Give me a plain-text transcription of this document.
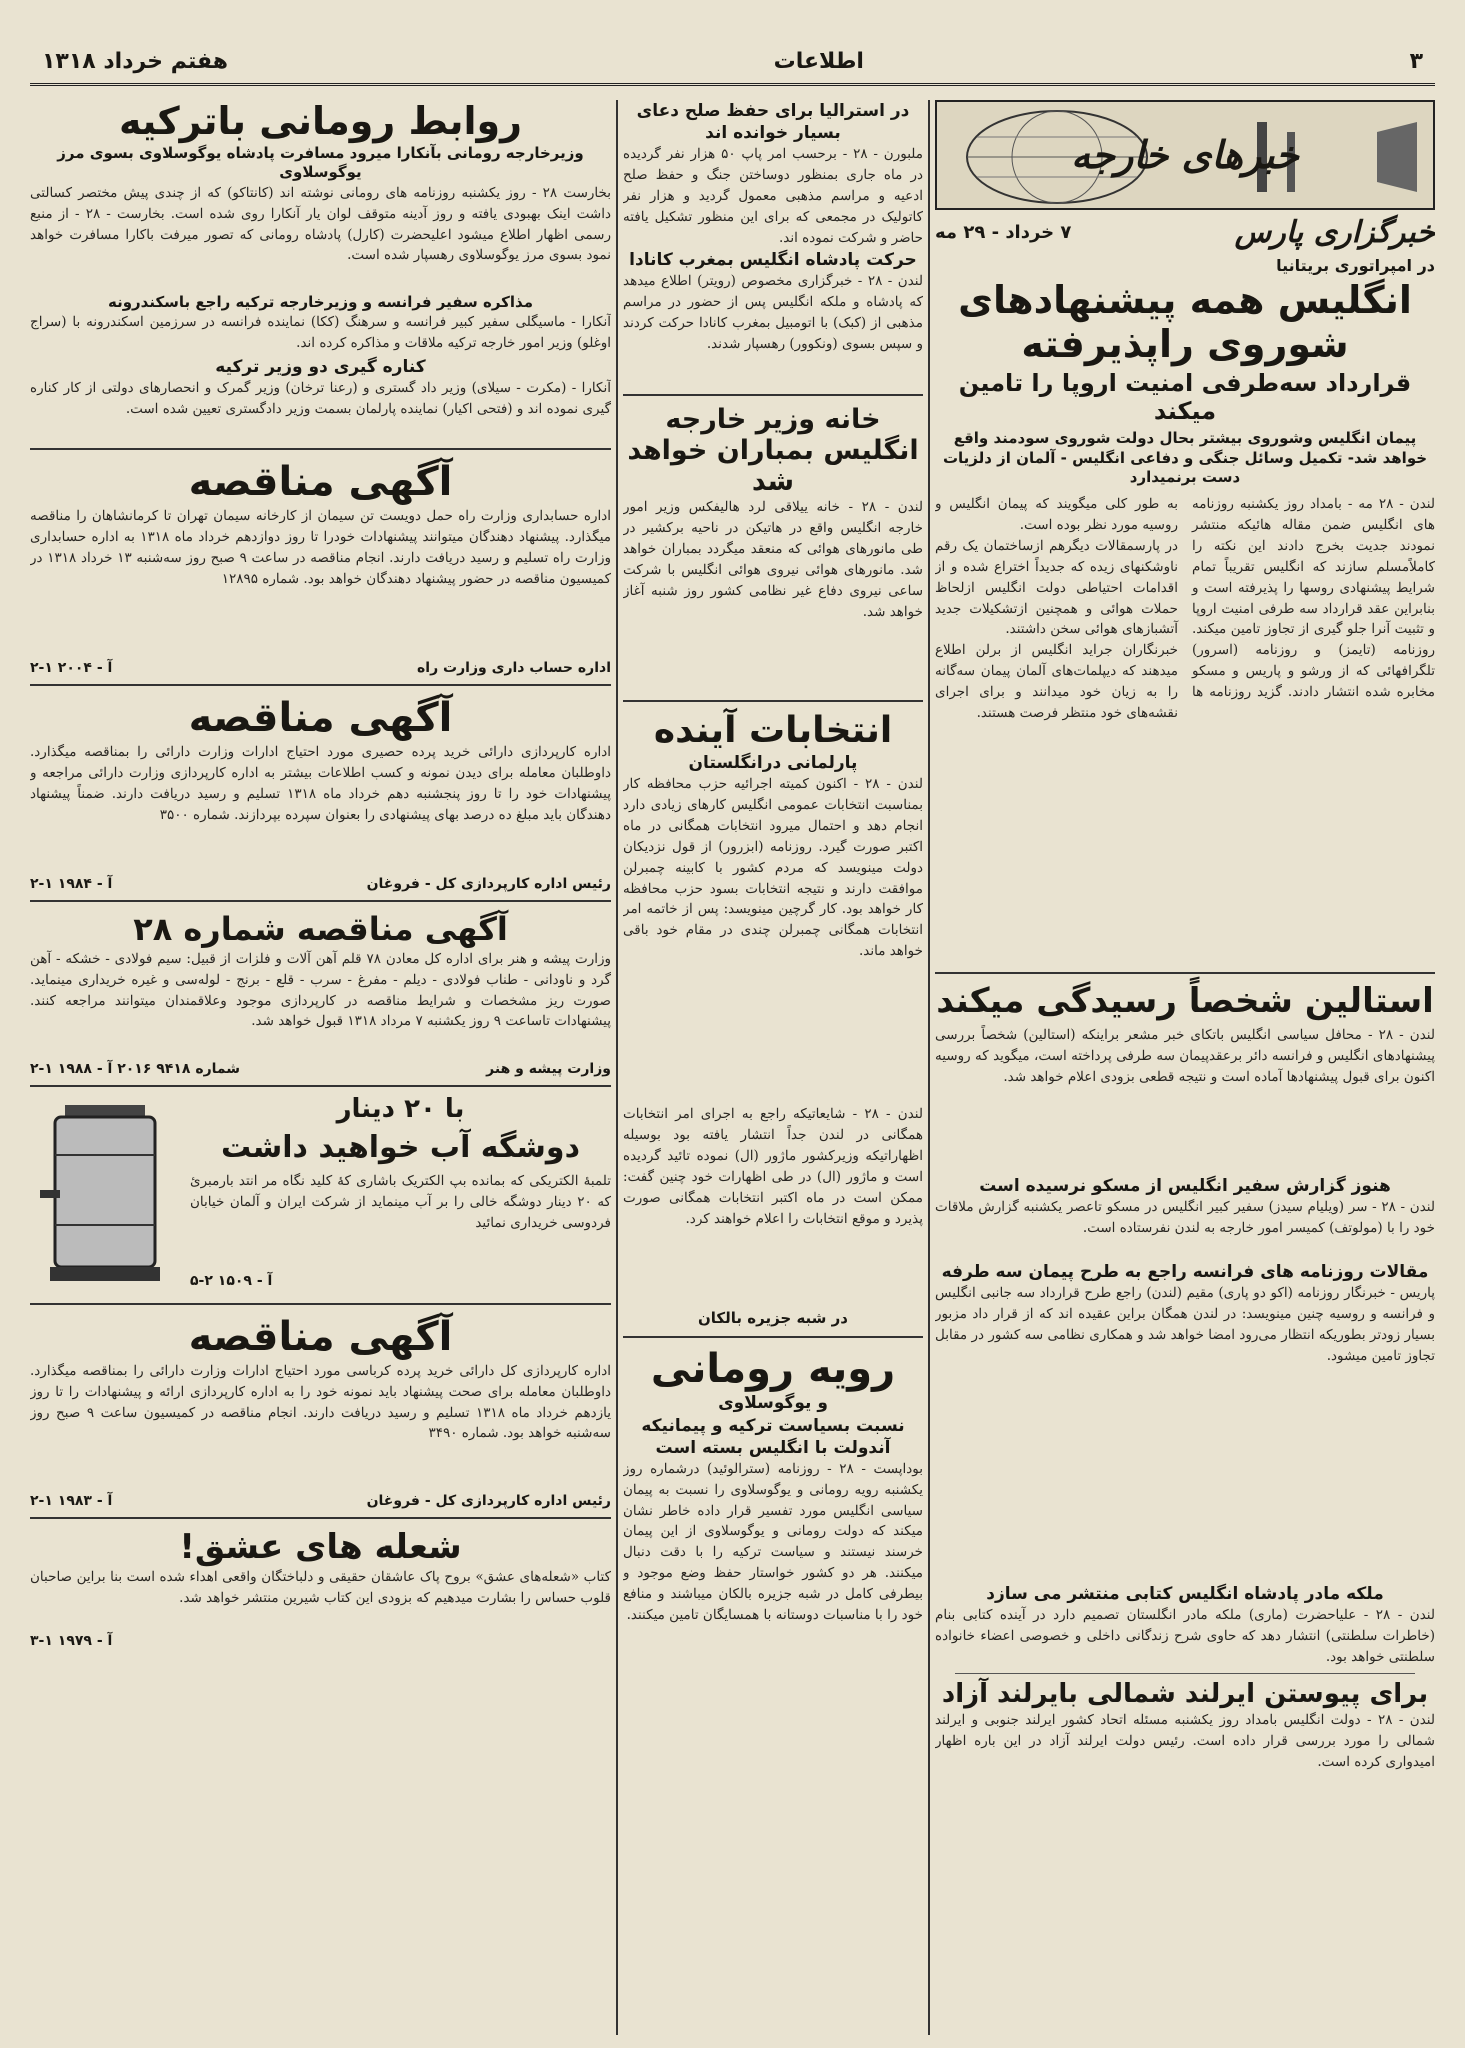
۳
اطلاعات
هفتم خرداد ۱۳۱۸
خبرهای خارجه
خبرگزاری پارس
۷ خرداد - ۲۹ مه
در امپراتوری بریتانیا
انگلیس همه پیشنهادهای شوروی راپذیرفته
قرارداد سه‌طرفی امنیت اروپا را تامین میکند
پیمان انگلیس وشوروی بیشتر بحال دولت شوروی سودمند واقع خواهد شد- تکمیل وسائل جنگی و دفاعی انگلیس - آلمان از دلزیات دست برنمیدارد

لندن - ۲۸ مه - بامداد روز یکشنبه روزنامه های انگلیس ضمن مقاله هائیکه منتشر نمودند جدیت بخرج دادند این نکته را کاملاًمسلم سازند که انگلیس تقریباً تمام شرایط پیشنهادی روسها را پذیرفته است و بنابراین عقد قرارداد سه طرفی امنیت اروپا و تثبیت آنرا جلو گیری از تجاوز تامین میکند. روزنامه (تایمز) و روزنامه (اسرور) تلگرافهائی که از ورشو و پاریس و مسکو مخابره شده انتشار دادند. گزید روزنامه ها به طور کلی میگویند که پیمان انگلیس و روسیه مورد نظر بوده است.

در پارسمقالات دیگرهم ازساختمان یک رقم ناوشکنهای زیده که جدیداً اختراع شده و از اقدامات احتیاطی دولت انگلیس ازلحاظ حملات هوائی و همچنین ازتشکیلات جدید آتشبازهای هوائی سخن داشتند.

خبرنگاران جراید انگلیس از برلن اطلاع میدهند که دیپلمات‌های آلمان پیمان سه‌گانه را به زیان خود میدانند و برای اجرای نقشه‌های خود منتظر فرصت هستند.

استالین شخصاً رسیدگی میکند
لندن - ۲۸ - محافل سیاسی انگلیس باتکای خبر مشعر براینکه (استالین) شخصاً بررسی پیشنهادهای انگلیس و فرانسه دائر برعقدپیمان سه طرفی پرداخته است، میگوید که روسیه اکنون برای قبول پیشنهادها آماده است و نتیجه قطعی بزودی اعلام خواهد شد.
هنوز گزارش سفیر انگلیس از مسکو نرسیده است
لندن - ۲۸ - سر (ویلیام سیدز) سفیر کبیر انگلیس در مسکو تاعصر یکشنبه گزارش ملاقات خود را با (مولوتف) کمیسر امور خارجه به لندن نفرستاده است.
مقالات روزنامه های فرانسه راجع به طرح پیمان سه طرفه
پاریس - خبرنگار روزنامه (اکو دو پاری) مقیم (لندن) راجع طرح قرارداد سه جانبی انگلیس و فرانسه و روسیه چنین مینویسد: در لندن همگان براین عقیده اند که از قرار داد مزبور بسیار زودتر بطوریکه انتظار می‌رود امضا خواهد شد و همکاری نظامی سه کشور در مقابل تجاوز تامین میشود.
ملکه مادر پادشاه انگلیس کتابی منتشر می سازد
لندن - ۲۸ - علیاحضرت (ماری) ملکه مادر انگلستان تصمیم دارد در آینده کتابی بنام (خاطرات سلطنتی) انتشار دهد که حاوی شرح زندگانی داخلی و خصوصی اعضاء خانواده سلطنتی خواهد بود.
برای پیوستن ایرلند شمالی بایرلند آزاد
لندن - ۲۸ - دولت انگلیس بامداد روز یکشنبه مسئله اتحاد کشور ایرلند جنوبی و ایرلند شمالی را مورد بررسی قرار داده است. رئیس دولت ایرلند آزاد در این باره اظهار امیدواری کرده است.
در استرالیا برای حفظ صلح دعای بسیار خوانده اند
ملبورن - ۲۸ - برحسب امر پاپ ۵۰ هزار نفر گردیده در ماه جاری بمنظور دوساختن جنگ و حفظ صلح ادعیه و مراسم مذهبی معمول گردید و هزار نفر کاتولیک در مجمعی که برای این منظور تشکیل یافته حاضر و شرکت نموده اند.
حرکت پادشاه انگلیس بمغرب کانادا
لندن - ۲۸ - خبرگزاری مخصوص (رویتر) اطلاع میدهد که پادشاه و ملکه انگلیس پس از حضور در مراسم مذهبی از (کبک) با اتومبیل بمغرب کانادا حرکت کردند و سپس بسوی (ونکوور) رهسپار شدند.
خانه وزیر خارجه انگلیس بمباران خواهد شد
لندن - ۲۸ - خانه ییلاقی لرد هالیفکس وزیر امور خارجه انگلیس واقع در هاتیکن در ناحیه برکشیر در طی مانورهای هوائی که منعقد میگردد بمباران خواهد شد. مانورهای هوائی نیروی هوائی انگلیس با شرکت ساعی نیروی دفاع غیر نظامی کشور روز شنبه آغاز خواهد شد.
انتخابات آینده
پارلمانی درانگلستان
لندن - ۲۸ - اکنون کمیته اجرائیه حزب محافظه کار بمناسبت انتخابات عمومی انگلیس کارهای زیادی دارد انجام دهد و احتمال میرود انتخابات همگانی در ماه اکتبر صورت گیرد. روزنامه (ابزرور) از قول نزدیکان دولت مینویسد که مردم کشور با کابینه چمبرلن موافقت دارند و نتیجه انتخابات بسود حزب محافظه کار خواهد بود. کار گرچین مینویسد: پس از خاتمه امر انتخابات همگانی چمبرلن چندی در مقام خود باقی خواهد ماند.
لندن - ۲۸ - شایعاتیکه راجع به اجرای امر انتخابات همگانی در لندن جداً انتشار یافته بود بوسیله اظهاراتیکه وزیرکشور ماژور (ال) نموده تائید گردیده است و ماژور (ال) در طی اظهارات خود چنین گفت: ممکن است در ماه اکتبر انتخابات همگانی صورت پذیرد و موقع انتخابات را اعلام خواهند کرد.
در شبه جزیره بالکان
رویه رومانی
و یوگوسلاوی
نسبت بسیاست ترکیه و پیمانیکه آندولت با انگلیس بسته است
بوداپست - ۲۸ - روزنامه (سترالوئید) درشماره روز یکشنبه رویه رومانی و یوگوسلاوی را نسبت به پیمان سیاسی انگلیس مورد تفسیر قرار داده خاطر نشان میکند که دولت رومانی و یوگوسلاوی از این پیمان خرسند نیستند و سیاست ترکیه را با دقت دنبال میکنند. هر دو کشور خواستار حفظ وضع موجود و بیطرفی کامل در شبه جزیره بالکان میباشند و منافع خود را با مناسبات دوستانه با همسایگان تامین میکنند.
روابط رومانی باترکیه
وزیرخارجه رومانی بآنکارا میرود مسافرت پادشاه یوگوسلاوی بسوی مرز یوگوسلاوی
بخارست ۲۸ - روز یکشنبه روزنامه های رومانی نوشته اند (کانتاکو) که از چندی پیش مختصر کسالتی داشت اینک بهبودی یافته و روز آدینه متوقف لوان یار آنکارا روی شده است. بخارست - ۲۸ - از منبع رسمی اظهار اطلاع میشود اعلیحضرت (کارل) پادشاه رومانی که تصور میرفت باکارا مسافرت خواهد نمود بسوی مرز یوگوسلاوی رهسپار شده است.
مذاکره سفیر فرانسه و وزیرخارجه ترکیه راجع باسکندرونه
آنکارا - ماسیگلی سفیر کبیر فرانسه و سرهنگ (ککا) نماینده فرانسه در سرزمین اسکندرونه با (سراج اوغلو) وزیر امور خارجه ترکیه ملاقات و مذاکره کرده اند.
کناره گیری دو وزیر ترکیه
آنکارا - (مکرت - سیلای) وزیر داد گستری و (رعنا ترخان) وزیر گمرک و انحصارهای دولتی از کار کناره گیری نموده اند و (فتحی اکیار) نماینده پارلمان بسمت وزیر دادگستری تعیین شده است.
آگهی مناقصه
اداره حسابداری وزارت راه حمل دویست تن سیمان از کارخانه سیمان تهران تا کرمانشاهان را مناقصه میگذارد. پیشنهاد دهندگان میتوانند پیشنهادات خودرا تا روز دوازدهم خرداد ماه ۱۳۱۸ به اداره حسابداری وزارت راه تسلیم و رسید دریافت دارند. انجام مناقصه در ساعت ۹ صبح روز سه‌شنبه ۱۳ خرداد ۱۳۱۸ در کمیسیون مناقصه در حضور پیشنهاد دهندگان خواهد بود. شماره ۱۲۸۹۵
اداره حساب داری وزارت راه
آ - ۲۰۰۴ ۱-۲
آگهی مناقصه
اداره کارپردازی دارائی خرید پرده حصیری مورد احتیاج ادارات وزارت دارائی را بمناقصه میگذارد. داوطلبان معامله برای دیدن نمونه و کسب اطلاعات بیشتر به اداره کارپردازی وزارت دارائی مراجعه و پیشنهادات خود را تا روز پنجشنبه دهم خرداد ماه ۱۳۱۸ تسلیم و رسید دریافت دارند. ضمناً پیشنهاد دهندگان باید مبلغ ده درصد بهای پیشنهادی را بعنوان سپرده بپردازند. شماره ۳۵۰۰
رئیس اداره کارپردازی کل - فروغان
آ - ۱۹۸۴ ۱-۲
آگهی مناقصه شماره ۲۸
وزارت پیشه و هنر برای اداره کل معادن ۷۸ قلم آهن آلات و فلزات از قبیل: سیم فولادی - خشکه - آهن گرد و ناودانی - طناب فولادی - دیلم - مفرغ - سرب - قلع - برنج - لوله‌سی و غیره خریداری مینماید. صورت ریز مشخصات و شرایط مناقصه در کارپردازی موجود وعلاقمندان میتوانند مراجعه کنند. پیشنهادات تاساعت ۹ روز یکشنبه ۷ مرداد ۱۳۱۸ قبول خواهد شد.
وزارت پیشه و هنر
شماره ۹۴۱۸ ۲۰۱۶ آ - ۱۹۸۸ ۱-۲
با ۲۰ دینار
دوشگه آب خواهید داشت
تلمبۀ الکتریکی که بمانده بپ الکتریک باشاری کۀ کلید نگاه مر انتد بارمبرئ که ۲۰ دینار دوشگه خالی را بر آب مینماید از شرکت ایران و آلمان خیابان فردوسی خریداری نمائید
آ - ۱۵۰۹ ۲-۵
آگهی مناقصه
اداره کارپردازی کل دارائی خرید پرده کرباسی مورد احتیاج ادارات وزارت دارائی را بمناقصه میگذارد. داوطلبان معامله برای صحت پیشنهاد باید نمونه خود را به اداره کارپردازی ارائه و پیشنهادات را تا روز یازدهم خرداد ماه ۱۳۱۸ تسلیم و رسید دریافت دارند. انجام مناقصه در کمیسیون ساعت ۹ صبح روز سه‌شنبه خواهد بود. شماره ۳۴۹۰
رئیس اداره کارپردازی کل - فروغان
آ - ۱۹۸۳ ۱-۲
شعله های عشق!
کتاب «شعله‌های عشق» بروح پاک عاشقان حقیقی و دلباختگان واقعی اهداء شده است بنا براین صاحبان قلوب حساس را بشارت میدهیم که بزودی این کتاب شیرین منتشر خواهد شد.
آ - ۱۹۷۹ ۱-۳
